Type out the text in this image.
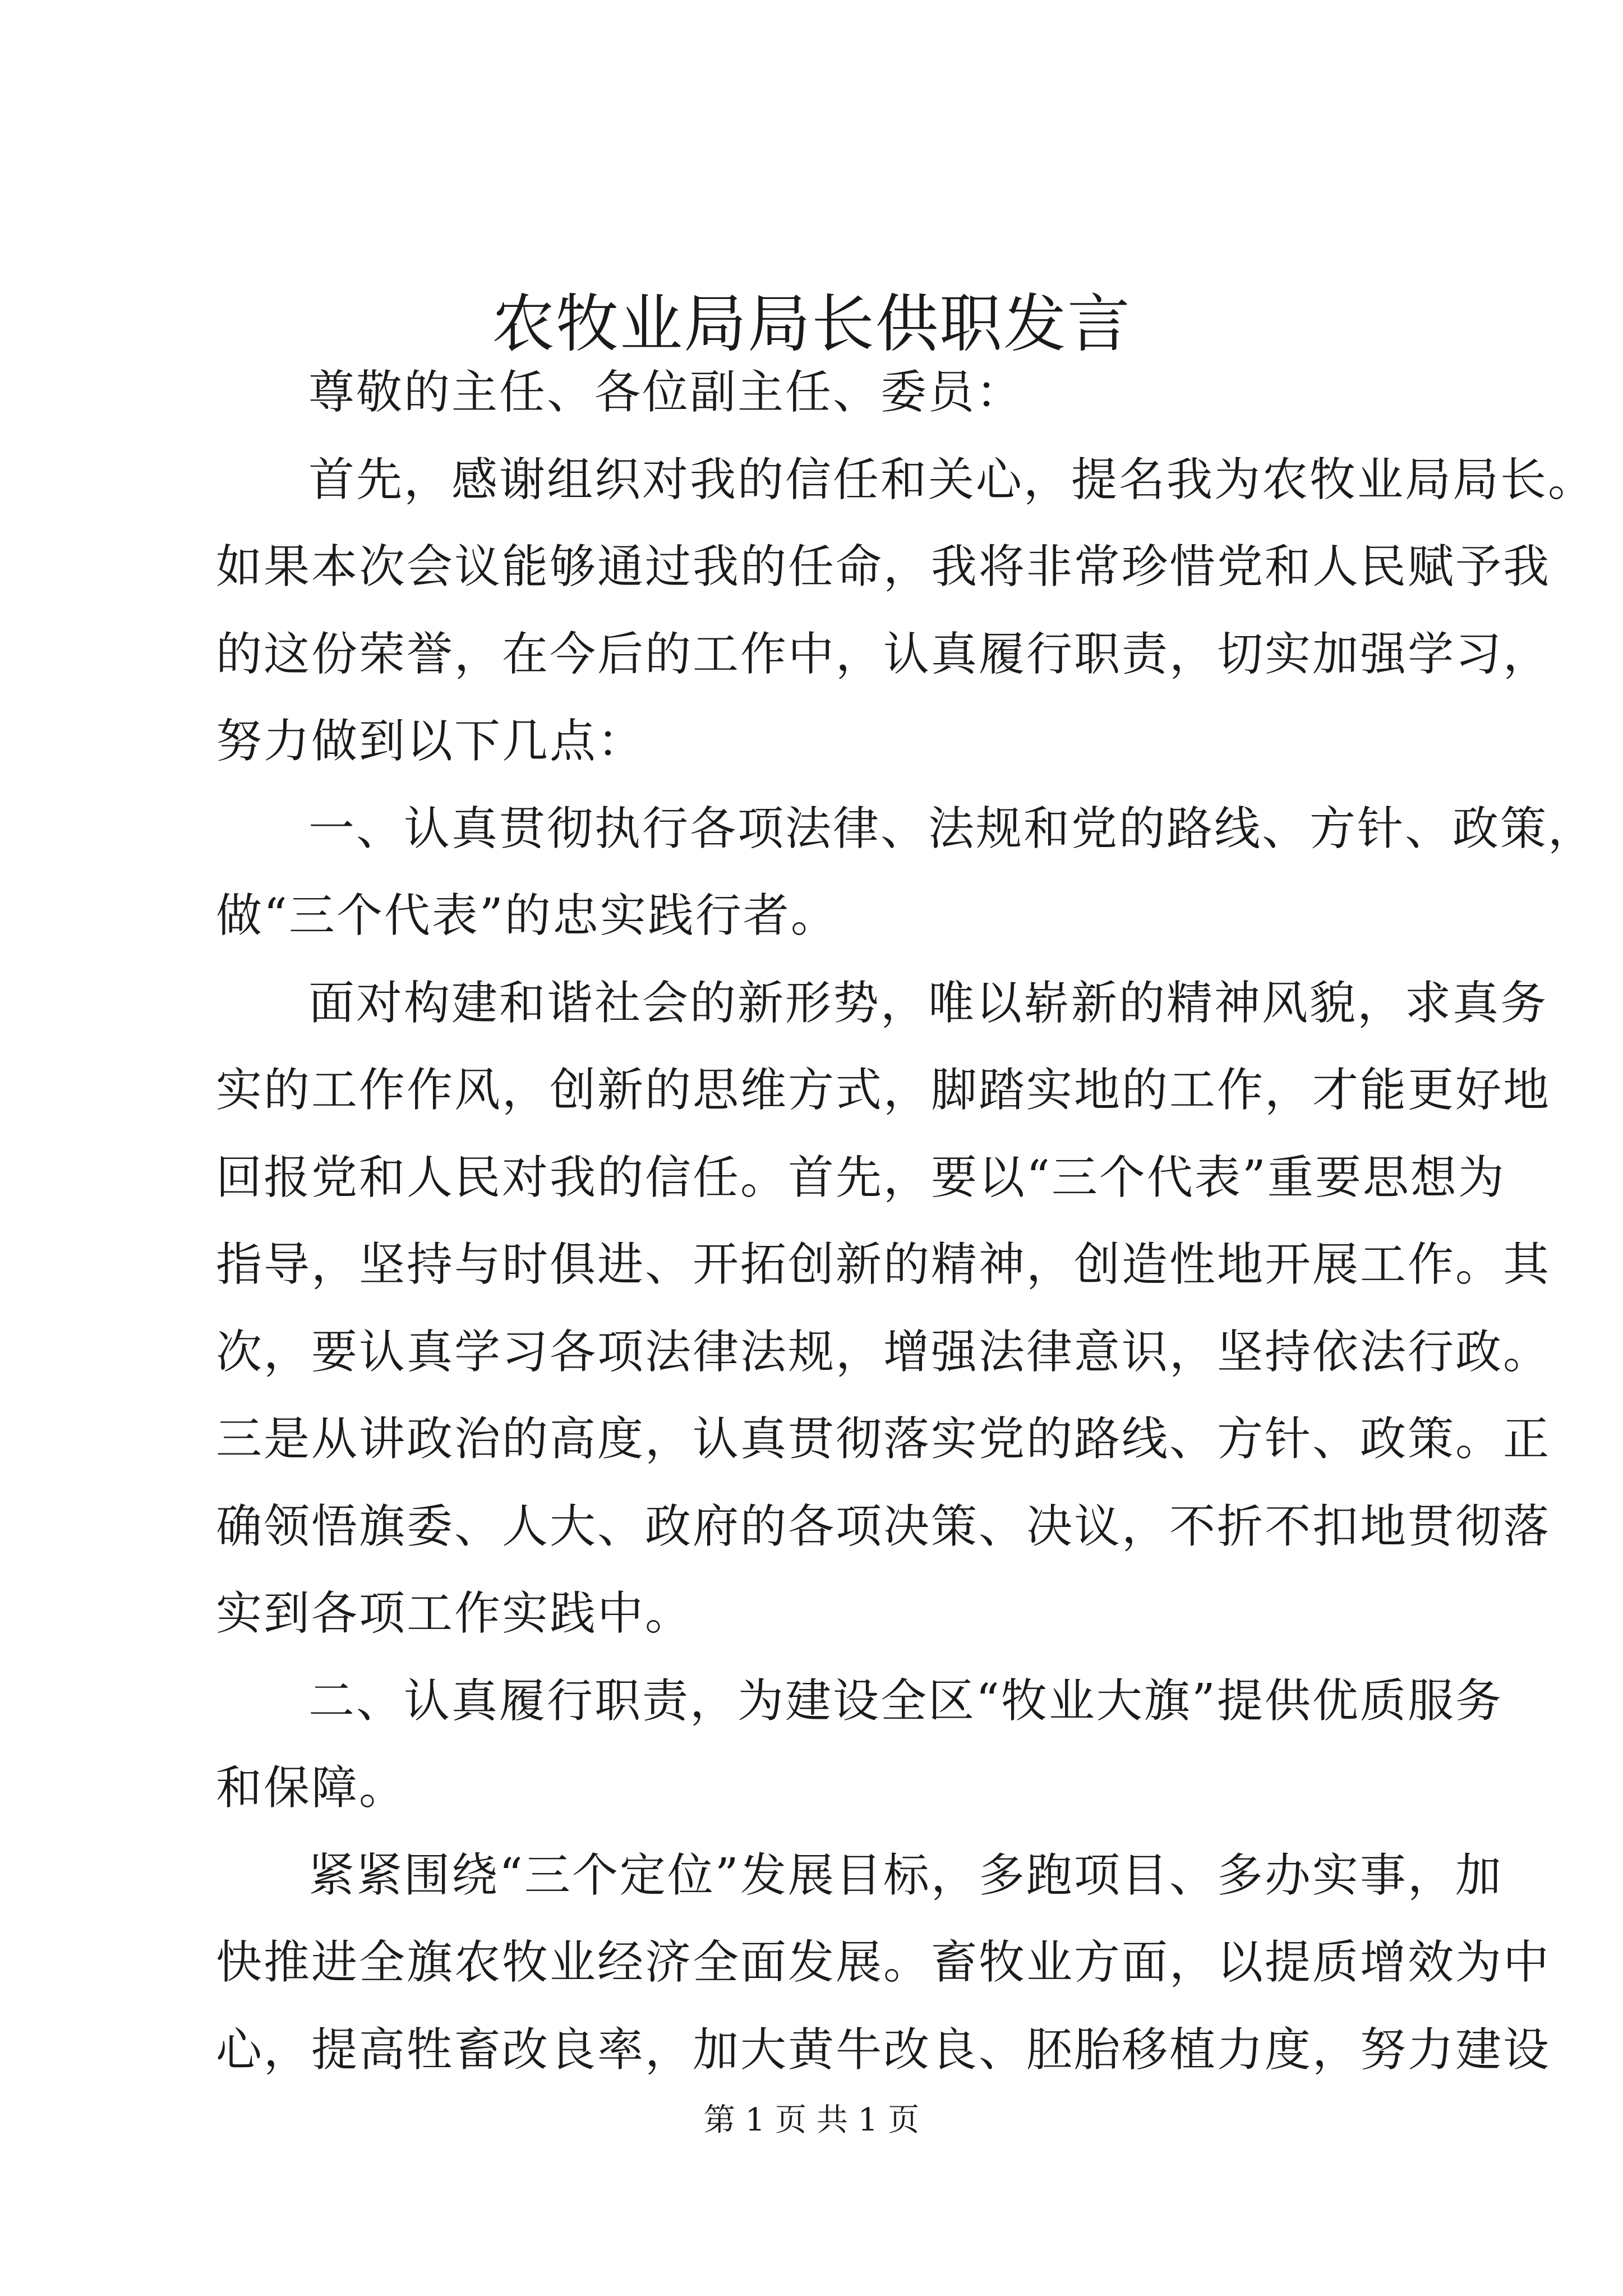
农牧业局局长供职发言
尊敬的主任、各位副主任、委员：
首先，感谢组织对我的信任和关心，提名我为农牧业局局长。
如果本次会议能够通过我的任命，我将非常珍惜党和人民赋予我
的这份荣誉，在今后的工作中，认真履行职责，切实加强学习，
努力做到以下几点：
一、认真贯彻执行各项法律、法规和党的路线、方针、政策，
做“三个代表”的忠实践行者。
面对构建和谐社会的新形势，唯以崭新的精神风貌，求真务
实的工作作风，创新的思维方式，脚踏实地的工作，才能更好地
回报党和人民对我的信任。首先，要以“三个代表”重要思想为
指导，坚持与时俱进、开拓创新的精神，创造性地开展工作。其
次，要认真学习各项法律法规，增强法律意识，坚持依法行政。
三是从讲政治的高度，认真贯彻落实党的路线、方针、政策。正
确领悟旗委、人大、政府的各项决策、决议，不折不扣地贯彻落
实到各项工作实践中。
二、认真履行职责，为建设全区“牧业大旗”提供优质服务
和保障。
紧紧围绕“三个定位”发展目标，多跑项目、多办实事，加
快推进全旗农牧业经济全面发展。畜牧业方面，以提质增效为中
心，提高牲畜改良率，加大黄牛改良、胚胎移植力度，努力建设
第 1 页 共 1 页
